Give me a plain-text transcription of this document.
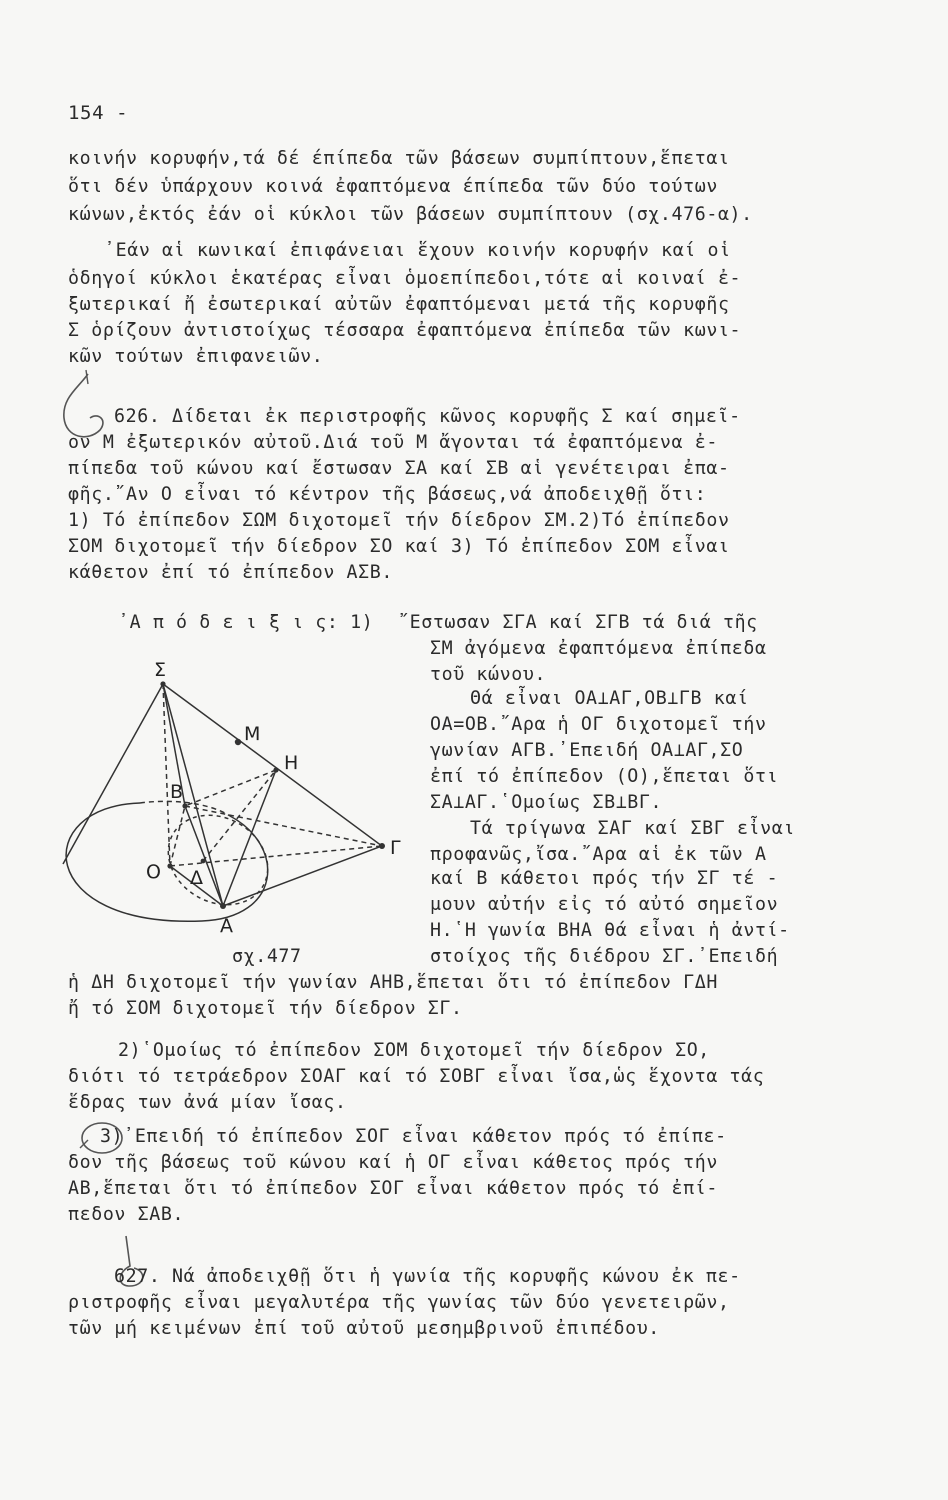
154 -
κοινήν κορυφήν,τά δέ έπίπεδα τῶν βάσεων συμπίπτουν,ἕπεται
ὅτι δέν ὑπάρχουν κοινά ἐφαπτόμενα έπίπεδα τῶν δύο τούτων
κώνων,ἐκτός ἐάν οἱ κύκλοι τῶν βάσεων συμπίπτουν (σχ.476-α).
᾿Εάν αἱ κωνικαί ἐπιφάνειαι ἕχουν κοινήν κορυφήν καί οἱ
ὁδηγοί κύκλοι ἑκατέρας εἶναι ὁμοεπίπεδοι,τότε αἱ κοιναί ἐ-
ξωτερικαί ἤ ἐσωτερικαί αὐτῶν ἐφαπτόμεναι μετά τῆς κορυφῆς
Σ ὁρίζουν ἀντιστοίχως τέσσαρα ἐφαπτόμενα ἐπίπεδα τῶν κωνι-
κῶν τούτων ἐπιφανειῶν.
626. Δίδεται ἐκ περιστροφῆς κῶνος κορυφῆς Σ καί σημεῖ-
ον Μ ἐξωτερικόν αὐτοῦ.Διά τοῦ Μ ἄγονται τά ἐφαπτόμενα ἐ-
πίπεδα τοῦ κώνου καί ἔστωσαν ΣΑ καί ΣΒ αἱ γενέτειραι ἐπα-
φῆς.῎Αν Ο εἶναι τό κέντρον τῆς βάσεως,νά ἀποδειχθῇ ὅτι:
1) Τό ἐπίπεδον ΣΩΜ διχοτομεῖ τήν δίεδρον ΣΜ.2)Τό ἐπίπεδον
ΣΟΜ διχοτομεῖ τήν δίεδρον ΣΟ καί 3) Τό ἐπίπεδον ΣΟΜ εἶναι
κάθετον ἐπί τό ἐπίπεδον ΑΣΒ.
᾿Α π ό δ ε ι ξ ι ς: 1) ῎Εστωσαν ΣΓΑ καί ΣΓΒ τά διά τῆς
ΣΜ ἀγόμενα ἐφαπτόμενα ἐπίπεδα
τοῦ κώνου.
Θά εἶναι ΟΑ⊥ΑΓ,ΟΒ⊥ΓΒ καί
ΟΑ=ΟΒ.῎Αρα ἡ ΟΓ διχοτομεῖ τήν
γωνίαν ΑΓΒ.᾿Επειδή ΟΑ⊥ΑΓ,ΣΟ
ἐπί τό ἐπίπεδον (Ο),ἕπεται ὅτι
ΣΑ⊥ΑΓ.῾Ομοίως ΣΒ⊥ΒΓ.
Τά τρίγωνα ΣΑΓ καί ΣΒΓ εἶναι
προφανῶς,ἴσα.῎Αρα αἱ ἐκ τῶν Α
καί Β κάθετοι πρός τήν ΣΓ τέ -
μουν αὐτήν εἰς τό αὐτό σημεῖον
Η.῾Η γωνία ΒΗΑ θά εἶναι ἡ ἀντί-
στοίχος τῆς διέδρου ΣΓ.᾿Επειδή
Σ
Μ
Η
Β
Γ
Ο Δ
Α
σχ.477
ἡ ΔΗ διχοτομεῖ τήν γωνίαν ΑΗΒ,ἕπεται ὅτι τό ἐπίπεδον ΓΔΗ
ἤ τό ΣΟΜ διχοτομεῖ τήν δίεδρον ΣΓ.
2)῾Ομοίως τό ἐπίπεδον ΣΟΜ διχοτομεῖ τήν δίεδρον ΣΟ,
διότι τό τετράεδρον ΣΟΑΓ καί τό ΣΟΒΓ εἶναι ἴσα,ὡς ἕχοντα τάς
ἕδρας των ἀνά μίαν ἴσας.
3)᾿Επειδή τό ἐπίπεδον ΣΟΓ εἶναι κάθετον πρός τό ἐπίπε-
δον τῆς βάσεως τοῦ κώνου καί ἡ ΟΓ εἶναι κάθετος πρός τήν
ΑΒ,ἕπεται ὅτι τό ἐπίπεδον ΣΟΓ εἶναι κάθετον πρός τό ἐπί-
πεδον ΣΑΒ.
627. Νά ἀποδειχθῇ ὅτι ἡ γωνία τῆς κορυφῆς κώνου ἐκ πε-
ριστροφῆς εἶναι μεγαλυτέρα τῆς γωνίας τῶν δύο γενετειρῶν,
τῶν μή κειμένων ἐπί τοῦ αὐτοῦ μεσημβρινοῦ ἐπιπέδου.
